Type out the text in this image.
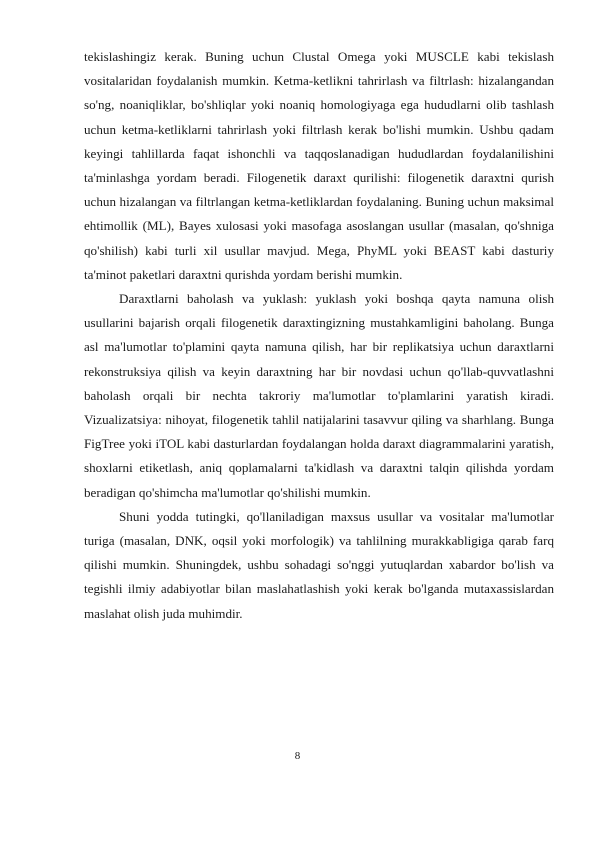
tekislashingiz kerak. Buning uchun Clustal Omega yoki MUSCLE kabi tekislash vositalaridan foydalanish mumkin. Ketma-ketlikni tahrirlash va filtrlash: hizalangandan so'ng, noaniqliklar, bo'shliqlar yoki noaniq homologiyaga ega hududlarni olib tashlash uchun ketma-ketliklarni tahrirlash yoki filtrlash kerak bo'lishi mumkin. Ushbu qadam keyingi tahlillarda faqat ishonchli va taqqoslanadigan hududlardan foydalanilishini ta'minlashga yordam beradi. Filogenetik daraxt qurilishi: filogenetik daraxtni qurish uchun hizalangan va filtrlangan ketma-ketliklardan foydalaning. Buning uchun maksimal ehtimollik (ML), Bayes xulosasi yoki masofaga asoslangan usullar (masalan, qo'shniga qo'shilish) kabi turli xil usullar mavjud. Mega, PhyML yoki BEAST kabi dasturiy ta'minot paketlari daraxtni qurishda yordam berishi mumkin.

Daraxtlarni baholash va yuklash: yuklash yoki boshqa qayta namuna olish usullarini bajarish orqali filogenetik daraxtingizning mustahkamligini baholang. Bunga asl ma'lumotlar to'plamini qayta namuna qilish, har bir replikatsiya uchun daraxtlarni rekonstruksiya qilish va keyin daraxtning har bir novdasi uchun qo'llab-quvvatlashni baholash orqali bir nechta takroriy ma'lumotlar to'plamlarini yaratish kiradi. Vizualizatsiya: nihoyat, filogenetik tahlil natijalarini tasavvur qiling va sharhlang. Bunga FigTree yoki iTOL kabi dasturlardan foydalangan holda daraxt diagrammalarini yaratish, shoxlarni etiketlash, aniq qoplamalarni ta'kidlash va daraxtni talqin qilishda yordam beradigan qo'shimcha ma'lumotlar qo'shilishi mumkin.

Shuni yodda tutingki, qo'llaniladigan maxsus usullar va vositalar ma'lumotlar turiga (masalan, DNK, oqsil yoki morfologik) va tahlilning murakkabligiga qarab farq qilishi mumkin. Shuningdek, ushbu sohadagi so'nggi yutuqlardan xabardor bo'lish va tegishli ilmiy adabiyotlar bilan maslahatlashish yoki kerak bo'lganda mutaxassislardan maslahat olish juda muhimdir.

8
